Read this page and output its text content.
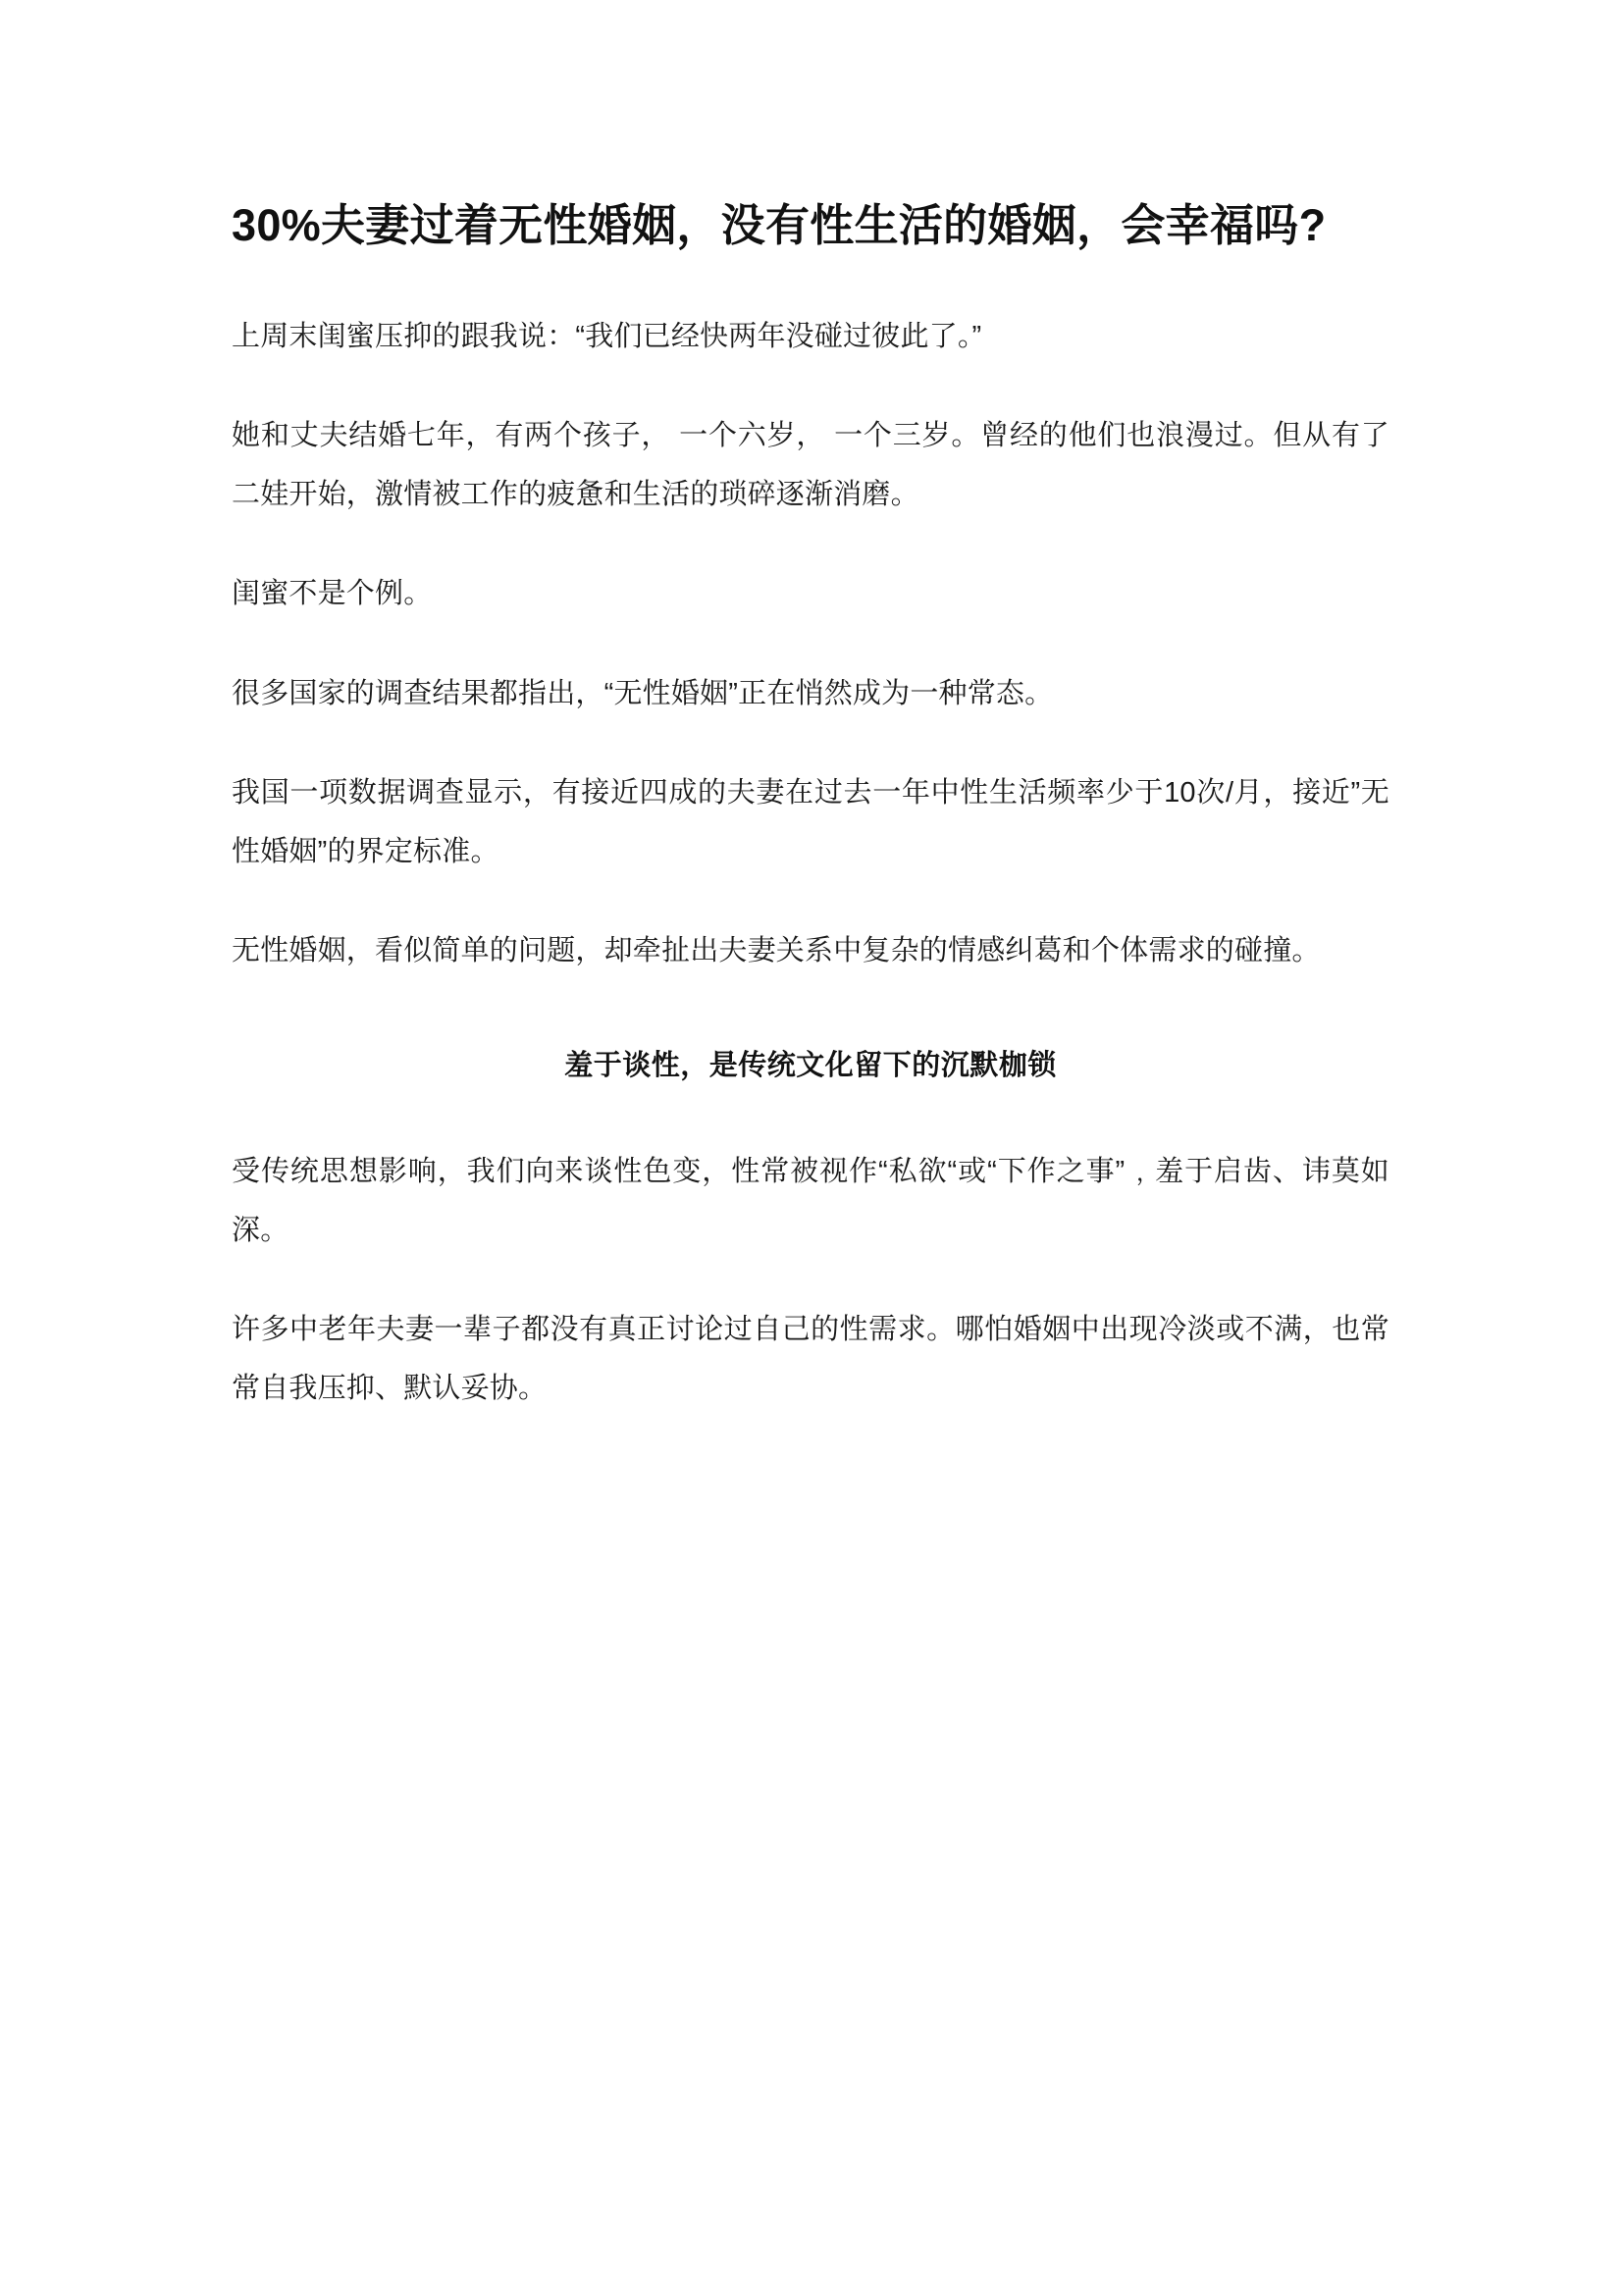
30%夫妻过着无性婚姻，没有性生活的婚姻，会幸福吗?

上周末闺蜜压抑的跟我说：“我们已经快两年没碰过彼此了。”

她和丈夫结婚七年，有两个孩子， 一个六岁， 一个三岁。曾经的他们也浪漫过。但从有了二娃开始，激情被工作的疲惫和生活的琐碎逐渐消磨。

闺蜜不是个例。

很多国家的调查结果都指出，“无性婚姻”正在悄然成为一种常态。

我国一项数据调查显示，有接近四成的夫妻在过去一年中性生活频率少于10次/月，接近”无性婚姻”的界定标准。

无性婚姻，看似简单的问题，却牵扯出夫妻关系中复杂的情感纠葛和个体需求的碰撞。

羞于谈性，是传统文化留下的沉默枷锁

受传统思想影响，我们向来谈性色变，性常被视作“私欲“或“下作之事”﹐羞于启齿、讳莫如深。

许多中老年夫妻一辈子都没有真正讨论过自己的性需求。哪怕婚姻中出现冷淡或不满，也常常自我压抑、默认妥协。
